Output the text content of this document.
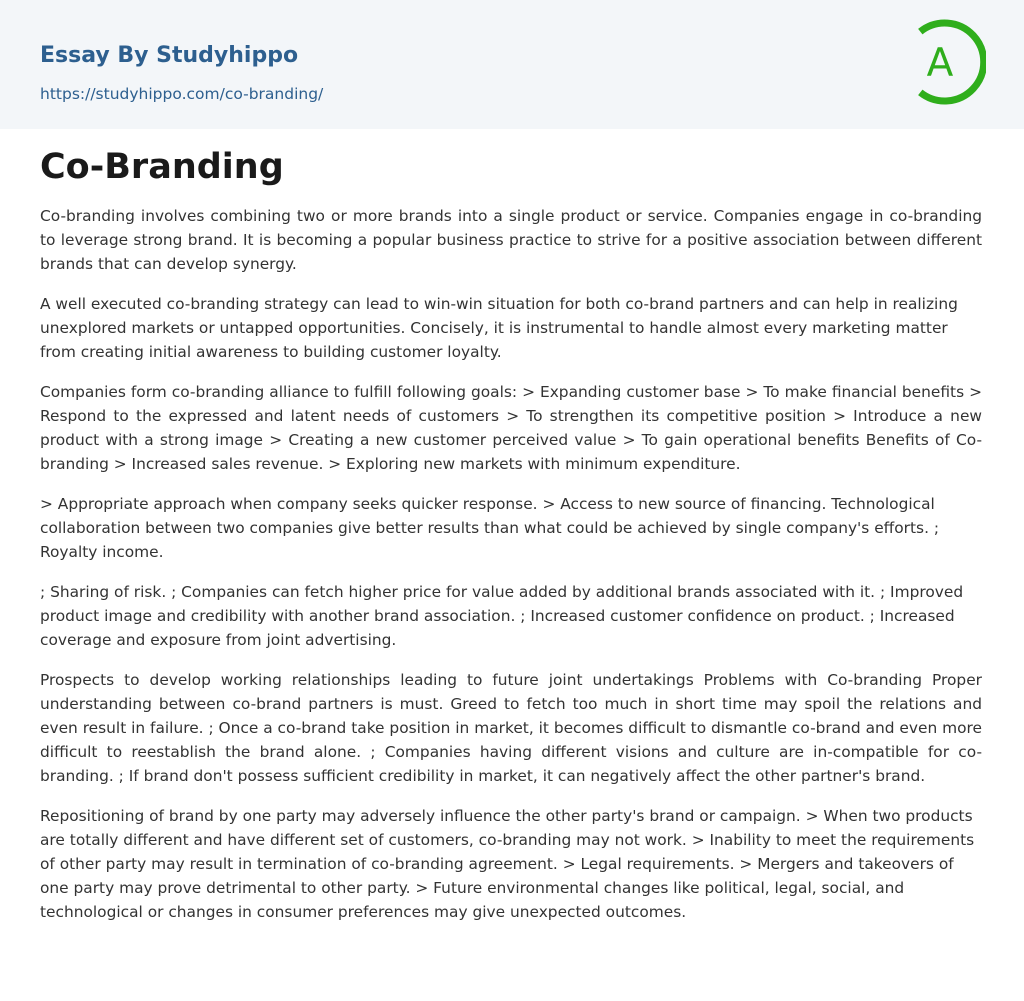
Essay By Studyhippo
https://studyhippo.com/co-branding/
A
Co-Branding

Co-branding involves combining two or more brands into a single product or service. Companies engage in co-branding to leverage strong brand. It is becoming a popular business practice to strive for a positive association between different brands that can develop synergy.

A well executed co-branding strategy can lead to win-win situation for both co-brand partners and can help in realizing unexplored markets or untapped opportunities. Concisely, it is instrumental to handle almost every marketing matter from creating initial awareness to building customer loyalty.

Companies form co-branding alliance to fulfill following goals: > Expanding customer base > To make financial benefits > Respond to the expressed and latent needs of customers > To strengthen its competitive position > Introduce a new product with a strong image > Creating a new customer perceived value > To gain operational benefits Benefits of Co-branding > Increased sales revenue. > Exploring new markets with minimum expenditure.

> Appropriate approach when company seeks quicker response. > Access to new source of financing. Technological collaboration between two companies give better results than what could be achieved by single company's efforts. ; Royalty income.

; Sharing of risk. ; Companies can fetch higher price for value added by additional brands associated with it. ; Improved product image and credibility with another brand association. ; Increased customer confidence on product. ; Increased coverage and exposure from joint advertising.

Prospects to develop working relationships leading to future joint undertakings Problems with Co-branding Proper understanding between co-brand partners is must. Greed to fetch too much in short time may spoil the relations and even result in failure. ; Once a co-brand take position in market, it becomes difficult to dismantle co-brand and even more difficult to reestablish the brand alone. ; Companies having different visions and culture are in-compatible for co-branding. ; If brand don't possess sufficient credibility in market, it can negatively affect the other partner's brand.

Repositioning of brand by one party may adversely influence the other party's brand or campaign. > When two products are totally different and have different set of customers, co-branding may not work. > Inability to meet the requirements of other party may result in termination of co-branding agreement. > Legal requirements. > Mergers and takeovers of one party may prove detrimental to other party. > Future environmental changes like political, legal, social, and technological or changes in consumer preferences may give unexpected outcomes.
